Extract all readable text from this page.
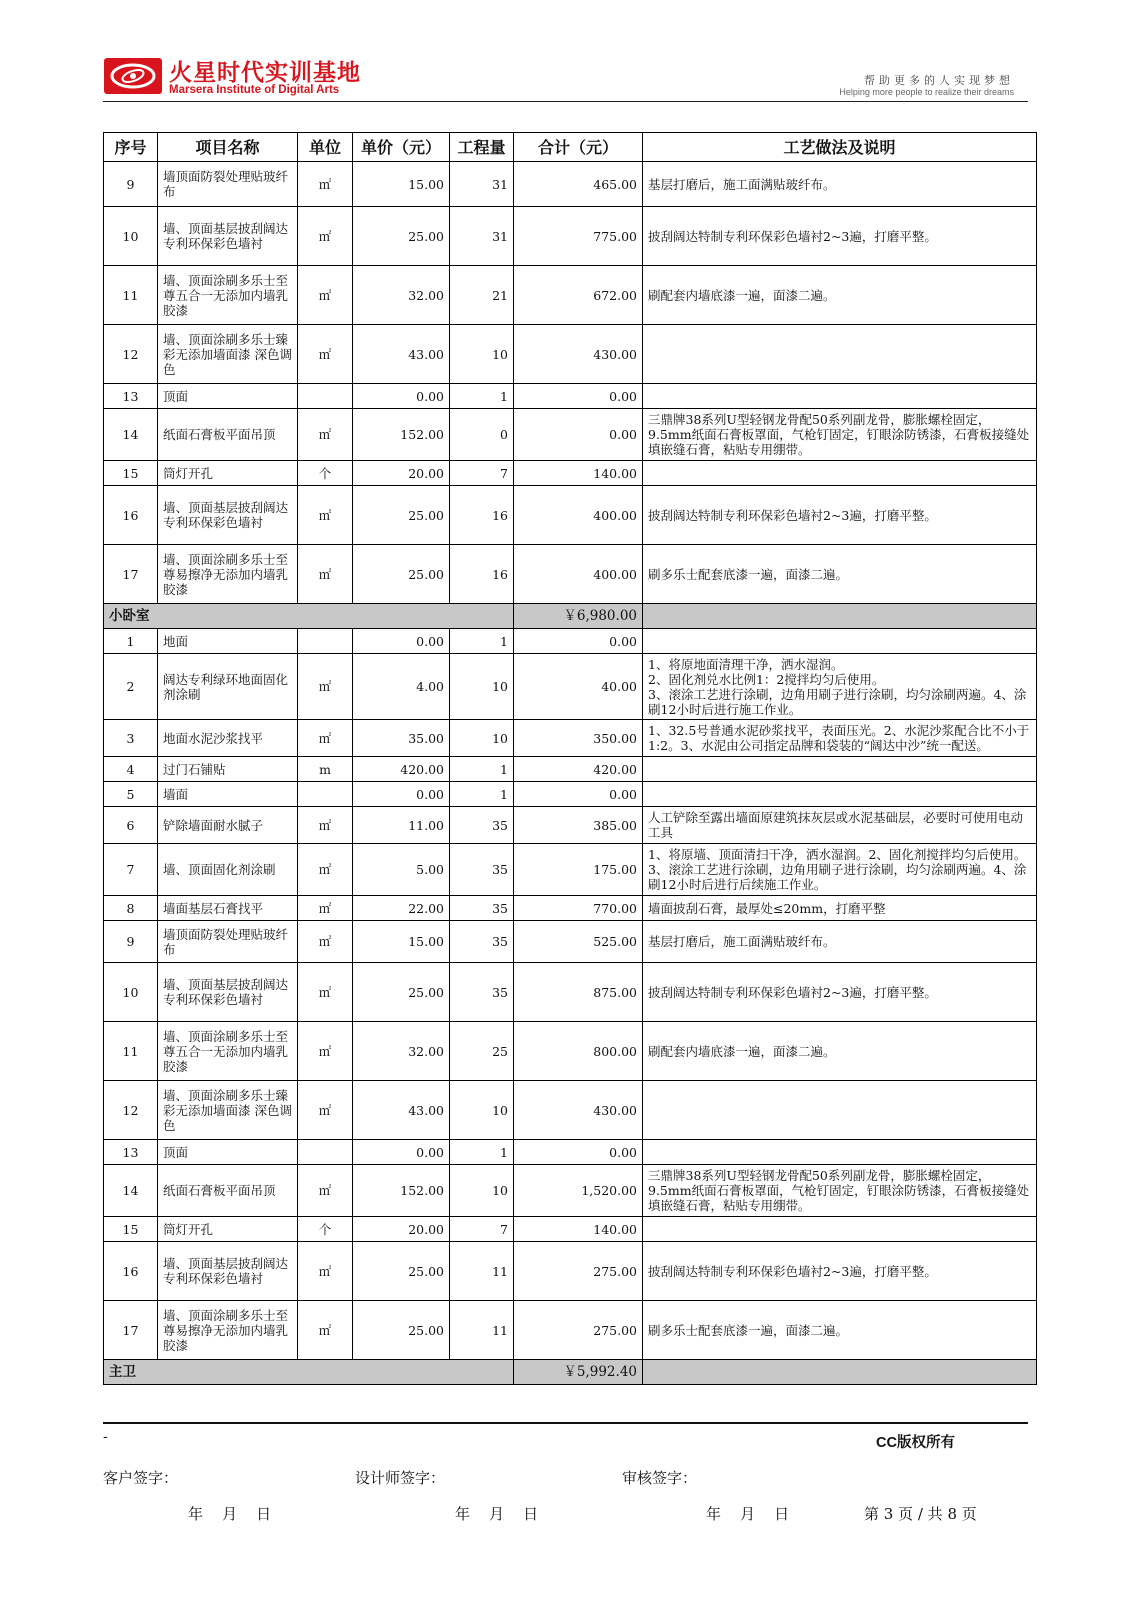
火星时代实训基地
Marsera Institute of Digital Arts
帮助更多的人实现梦想
Helping more people to realize their dreams
序号	项目名称	单位	单价（元）	工程量	合计（元）	工艺做法及说明
9	墙顶面防裂处理贴玻纤布	㎡	15.00	31	465.00	基层打磨后，施工面满贴玻纤布。
10	墙、顶面基层披刮阔达专利环保彩色墙衬	㎡	25.00	31	775.00	披刮阔达特制专利环保彩色墙衬2~3遍，打磨平整。
11	墙、顶面涂刷多乐士至尊五合一无添加内墙乳胶漆	㎡	32.00	21	672.00	刷配套内墙底漆一遍，面漆二遍。
12	墙、顶面涂刷多乐士臻彩无添加墙面漆 深色调色	㎡	43.00	10	430.00	
13	顶面		0.00	1	0.00	
14	纸面石膏板平面吊顶	㎡	152.00	0	0.00	三鼎牌38系列U型轻钢龙骨配50系列副龙骨，膨胀螺栓固定，9.5mm纸面石膏板罩面，气枪钉固定，钉眼涂防锈漆，石膏板接缝处填嵌缝石膏，粘贴专用绷带。
15	筒灯开孔	个	20.00	7	140.00	
16	墙、顶面基层披刮阔达专利环保彩色墙衬	㎡	25.00	16	400.00	披刮阔达特制专利环保彩色墙衬2~3遍，打磨平整。
17	墙、顶面涂刷多乐士至尊易擦净无添加内墙乳胶漆	㎡	25.00	16	400.00	刷多乐士配套底漆一遍，面漆二遍。
小卧室					￥6,980.00	
1	地面		0.00	1	0.00	
2	阔达专利绿环地面固化剂涂刷	㎡	4.00	10	40.00	1、将原地面清理干净，洒水湿润。
2、固化剂兑水比例1：2搅拌均匀后使用。
3、滚涂工艺进行涂刷，边角用刷子进行涂刷，均匀涂刷两遍。4、涂刷12小时后进行施工作业。
3	地面水泥沙浆找平	㎡	35.00	10	350.00	1、32.5号普通水泥砂浆找平，表面压光。2、水泥沙浆配合比不小于1:2。3、水泥由公司指定品牌和袋装的“阔达中沙”统一配送。
4	过门石铺贴	m	420.00	1	420.00	
5	墙面		0.00	1	0.00	
6	铲除墙面耐水腻子	㎡	11.00	35	385.00	人工铲除至露出墙面原建筑抹灰层或水泥基础层，必要时可使用电动工具
7	墙、顶面固化剂涂刷	㎡	5.00	35	175.00	1、将原墙、顶面清扫干净，洒水湿润。2、固化剂搅拌均匀后使用。3、滚涂工艺进行涂刷，边角用刷子进行涂刷，均匀涂刷两遍。4、涂刷12小时后进行后续施工作业。
8	墙面基层石膏找平	㎡	22.00	35	770.00	墙面披刮石膏，最厚处≤20mm，打磨平整
9	墙顶面防裂处理贴玻纤布	㎡	15.00	35	525.00	基层打磨后，施工面满贴玻纤布。
10	墙、顶面基层披刮阔达专利环保彩色墙衬	㎡	25.00	35	875.00	披刮阔达特制专利环保彩色墙衬2~3遍，打磨平整。
11	墙、顶面涂刷多乐士至尊五合一无添加内墙乳胶漆	㎡	32.00	25	800.00	刷配套内墙底漆一遍，面漆二遍。
12	墙、顶面涂刷多乐士臻彩无添加墙面漆 深色调色	㎡	43.00	10	430.00	
13	顶面		0.00	1	0.00	
14	纸面石膏板平面吊顶	㎡	152.00	10	1,520.00	三鼎牌38系列U型轻钢龙骨配50系列副龙骨，膨胀螺栓固定，9.5mm纸面石膏板罩面，气枪钉固定，钉眼涂防锈漆，石膏板接缝处填嵌缝石膏，粘贴专用绷带。
15	筒灯开孔	个	20.00	7	140.00	
16	墙、顶面基层披刮阔达专利环保彩色墙衬	㎡	25.00	11	275.00	披刮阔达特制专利环保彩色墙衬2~3遍，打磨平整。
17	墙、顶面涂刷多乐士至尊易擦净无添加内墙乳胶漆	㎡	25.00	11	275.00	刷多乐士配套底漆一遍，面漆二遍。
主卫					￥5,992.40	
-	CC版权所有
客户签字：	设计师签字：	审核签字：
年    月    日	年    月    日	年    月    日	第 3 页 / 共 8 页
